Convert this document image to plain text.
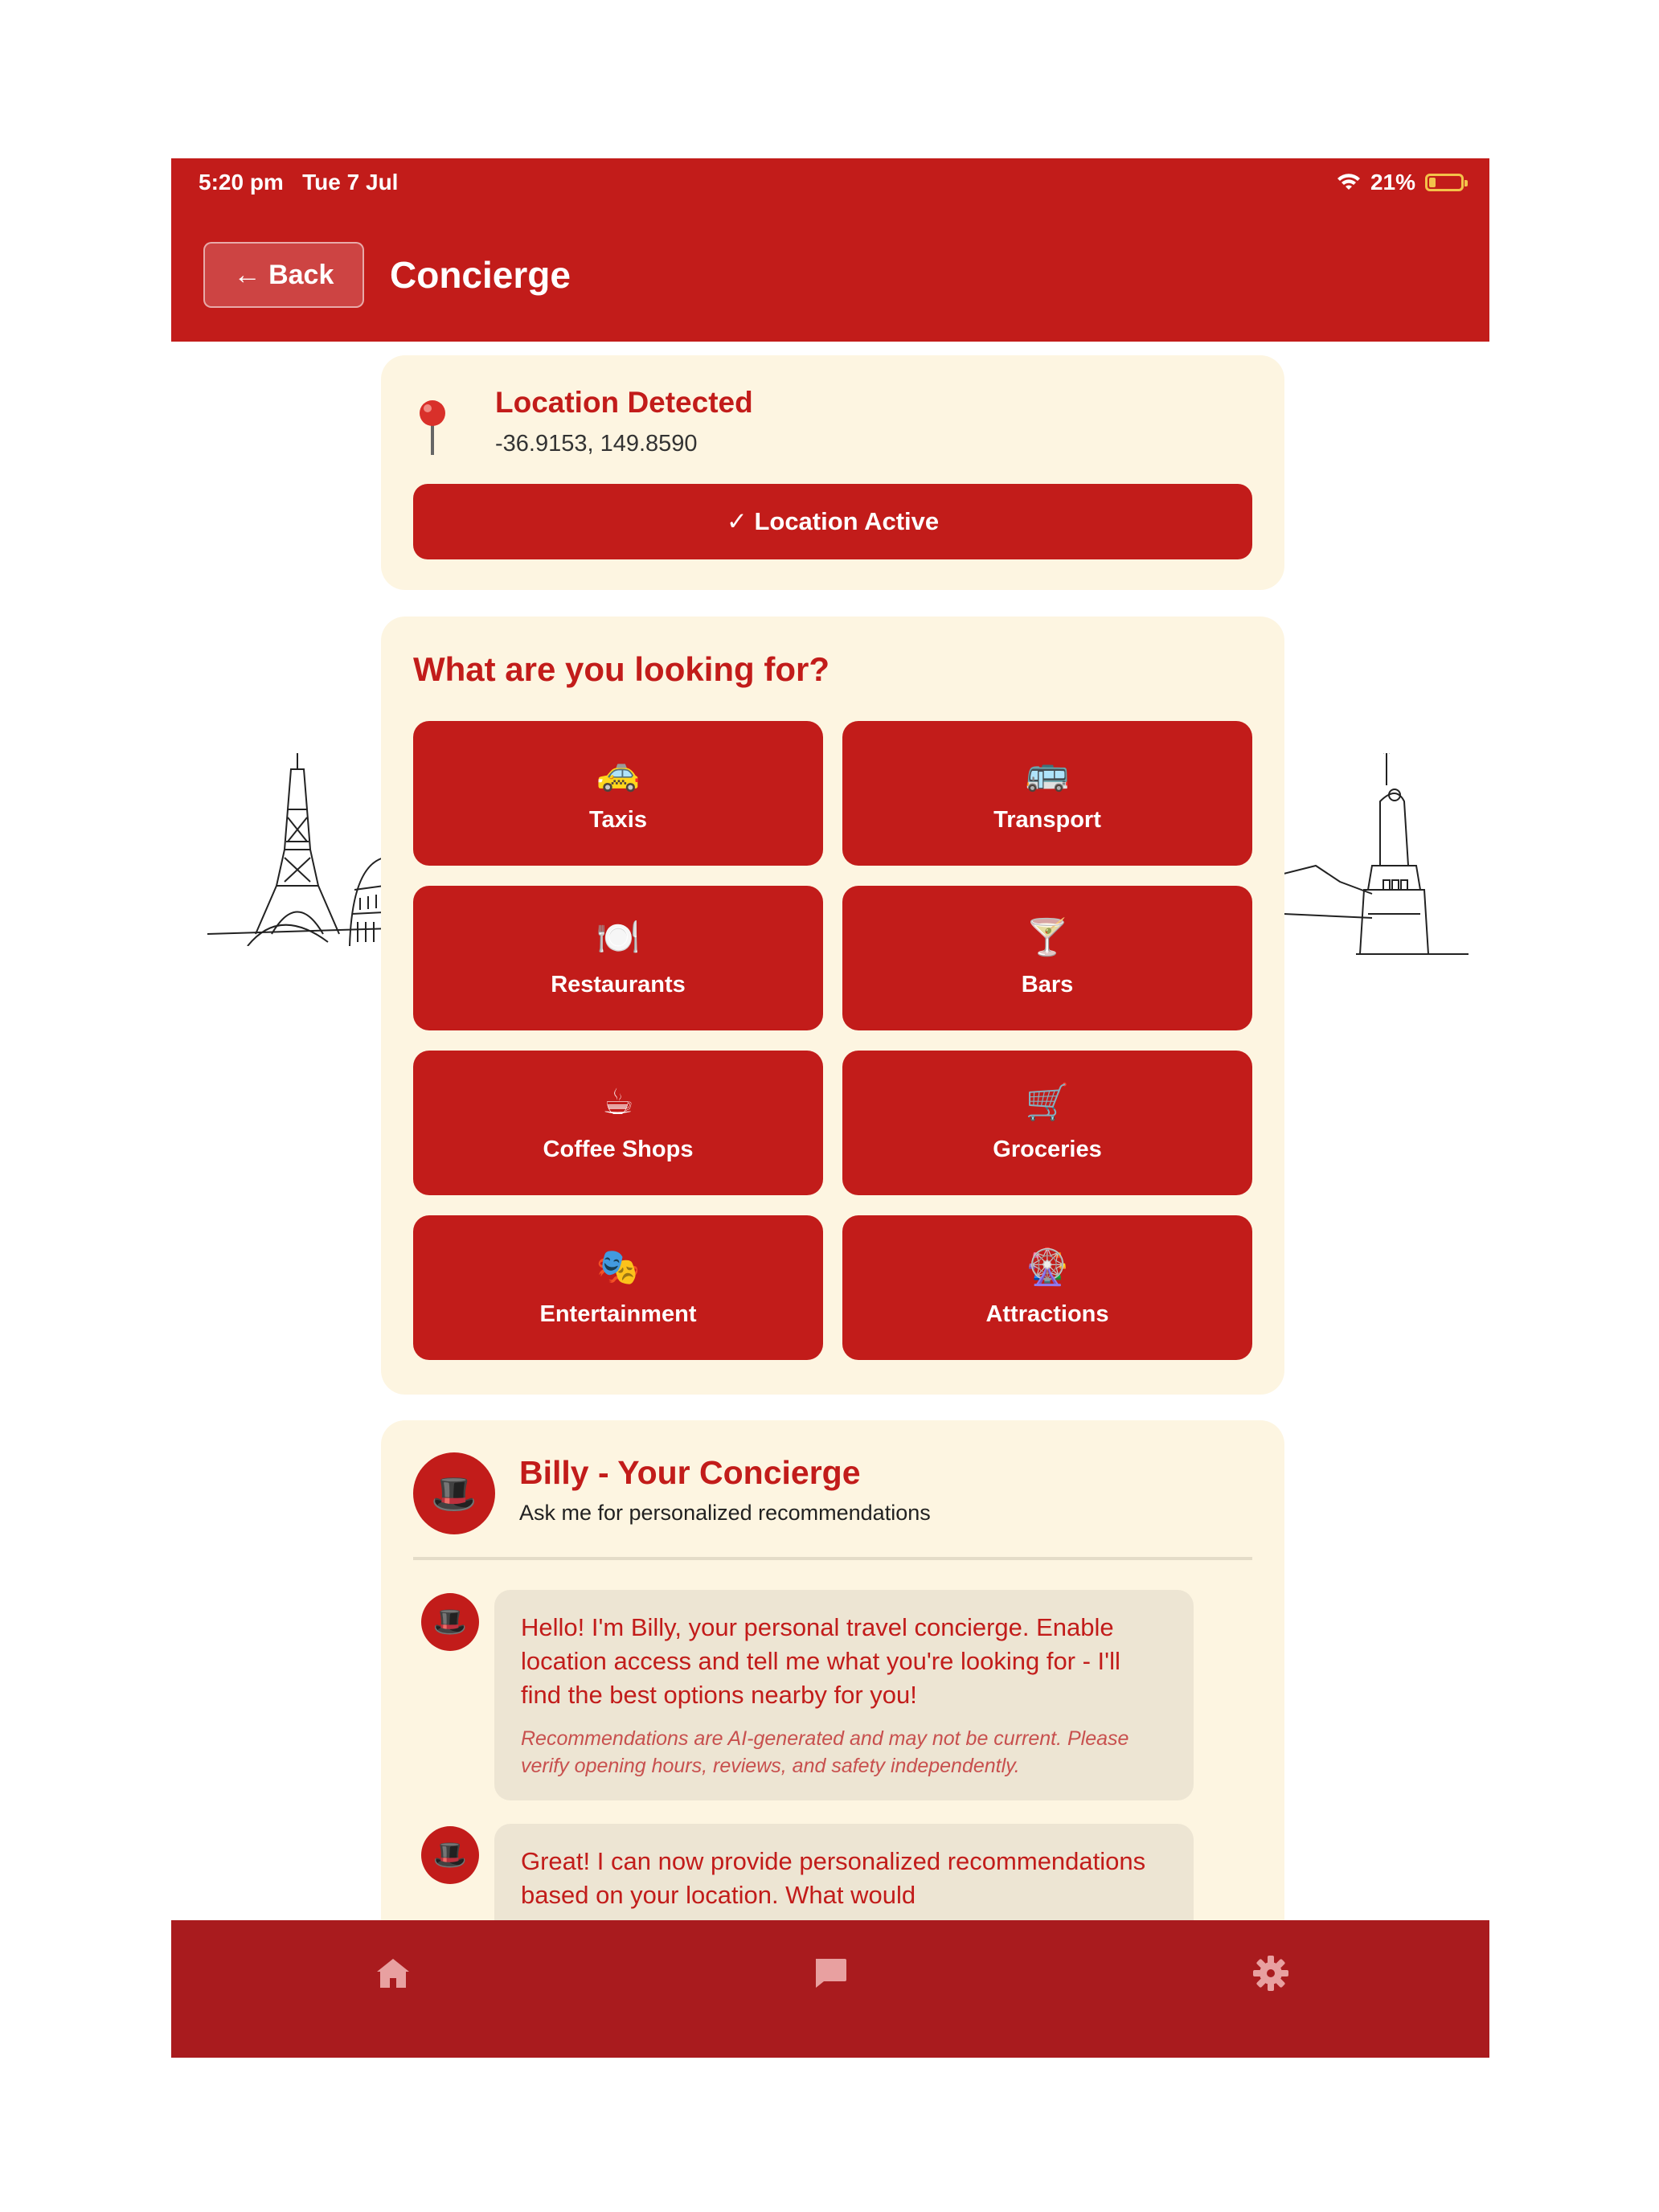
5:20 pm   Tue 7 Jul	21%
← Back Concierge
Location Detected
-36.9153, 149.8590
✓ Location Active
What are you looking for?
🚕
Taxis
🚌
Transport
🍽️
Restaurants
🍸
Bars
☕
Coffee Shops
🛒
Groceries
🎭
Entertainment
🎡
Attractions
🎩	Billy - Your Concierge
Ask me for personalized recommendations
🎩	Hello! I'm Billy, your personal travel concierge. Enable location access and tell me what you're looking for - I'll find the best options nearby for you!
Recommendations are AI-generated and may not be current. Please verify opening hours, reviews, and safety independently.
🎩	Great! I can now provide personalized recommendations based on your location. What would
